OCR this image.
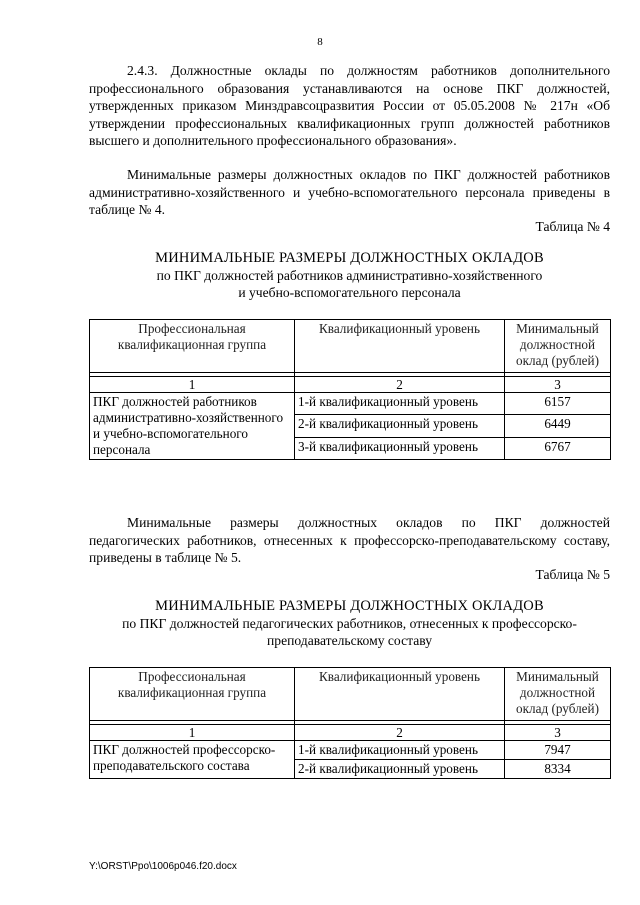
8
2.4.3. Должностные оклады по должностям работников дополнительного профессионального образования устанавливаются на основе ПКГ должностей, утвержденных приказом Минздравсоцразвития России от 05.05.2008 № 217н «Об утверждении профессиональных квалификационных групп должностей работников высшего и дополнительного профессионального образования».
Минимальные размеры должностных окладов по ПКГ должностей работников административно-хозяйственного и учебно-вспомогательного персонала приведены в таблице № 4.
Таблица № 4
МИНИМАЛЬНЫЕ РАЗМЕРЫ ДОЛЖНОСТНЫХ ОКЛАДОВ
по ПКГ должностей работников административно-хозяйственного
и учебно-вспомогательного персонала
Профессиональная квалификационная группа	Квалификационный уровень	Минимальный должностной оклад (рублей)

1	2	3
ПКГ должностей работников административно-хозяйственного и учебно-вспомогательного персонала	1-й квалификационный уровень	6157
	2-й квалификационный уровень	6449
	3-й квалификационный уровень	6767
Минимальные размеры должностных окладов по ПКГ должностей педагогических работников, отнесенных к профессорско-преподавательскому составу, приведены в таблице № 5.
Таблица № 5
МИНИМАЛЬНЫЕ РАЗМЕРЫ ДОЛЖНОСТНЫХ ОКЛАДОВ
по ПКГ должностей педагогических работников, отнесенных к профессорско-
преподавательскому составу
Профессиональная квалификационная группа	Квалификационный уровень	Минимальный должностной оклад (рублей)

1	2	3
ПКГ должностей профессорско-преподавательского состава	1-й квалификационный уровень	7947
	2-й квалификационный уровень	8334
Y:\ORST\Ppo\1006p046.f20.docx
